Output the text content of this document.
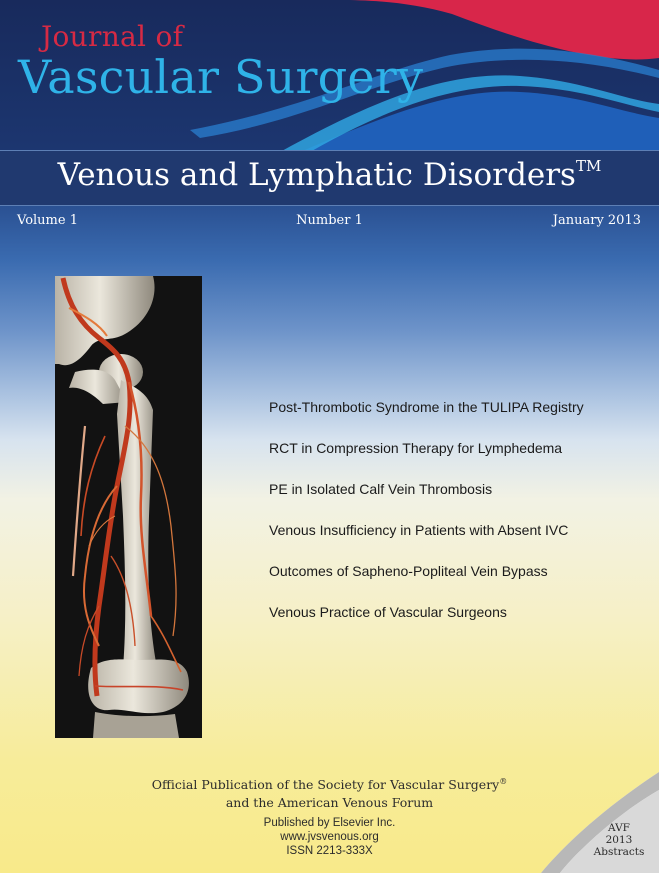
Journal of
Vascular Surgery
Venous and Lymphatic Disorders™
Volume 1	Number 1	January 2013
Post-Thrombotic Syndrome in the TULIPA Registry
RCT in Compression Therapy for Lymphedema
PE in Isolated Calf Vein Thrombosis
Venous Insufficiency in Patients with Absent IVC
Outcomes of Sapheno-Popliteal Vein Bypass
Venous Practice of Vascular Surgeons
Official Publication of the Society for Vascular Surgery®
and the American Venous Forum
Published by Elsevier Inc.
www.jvsvenous.org
ISSN 2213-333X
AVF
2013
Abstracts
